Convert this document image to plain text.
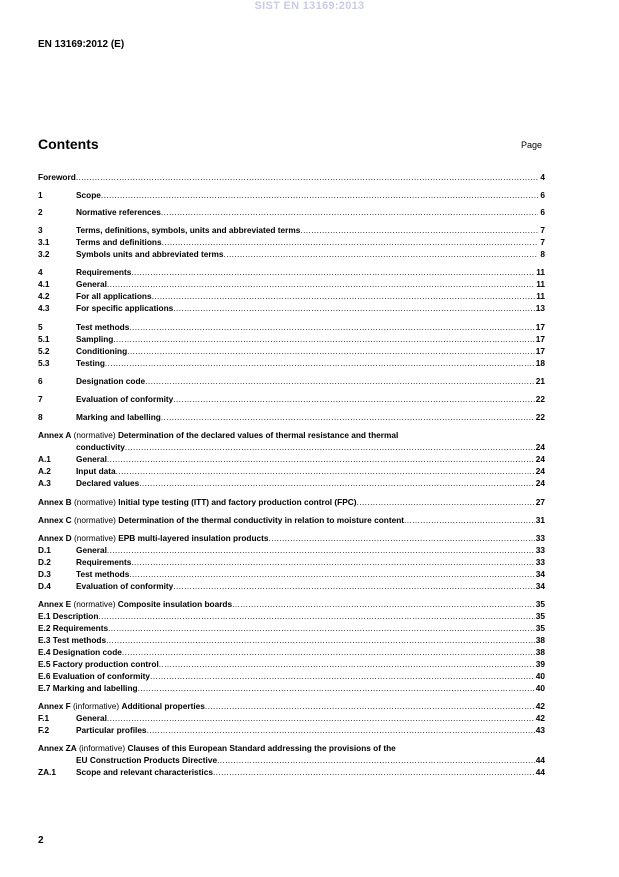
SIST EN 13169:2013
EN 13169:2012 (E)
Contents	Page
Foreword .....	4
1	Scope .....	6
2	Normative references .....	6
3	Terms, definitions, symbols, units and abbreviated terms .....	7
3.1	Terms and definitions .....	7
3.2	Symbols units and abbreviated terms .....	8
4	Requirements .....	11
4.1	General .....	11
4.2	For all applications .....	11
4.3	For specific applications .....	13
5	Test methods .....	17
5.1	Sampling .....	17
5.2	Conditioning .....	17
5.3	Testing .....	18
6	Designation code .....	21
7	Evaluation of conformity .....	22
8	Marking and labelling .....	22
Annex A (normative) Determination of the declared values of thermal resistance and thermal
conductivity .....	24
A.1	General .....	24
A.2	Input data .....	24
A.3	Declared values .....	24
Annex B (normative) Initial type testing (ITT) and factory production control (FPC) .....	27
Annex C (normative) Determination of the thermal conductivity in relation to moisture content .....	31
Annex D (normative) EPB multi-layered insulation products .....	33
D.1	General .....	33
D.2	Requirements .....	33
D.3	Test methods .....	34
D.4	Evaluation of conformity .....	34
Annex E (normative) Composite insulation boards .....	35
E.1 Description .....	35
E.2 Requirements .....	35
E.3 Test methods .....	38
E.4 Designation code .....	38
E.5 Factory production control .....	39
E.6 Evaluation of conformity .....	40
E.7 Marking and labelling .....	40
Annex F (informative) Additional properties .....	42
F.1	General .....	42
F.2	Particular profiles .....	43
Annex ZA (informative) Clauses of this European Standard addressing the provisions of the
EU Construction Products Directive .....	44
ZA.1 Scope and relevant characteristics .....	44
2
